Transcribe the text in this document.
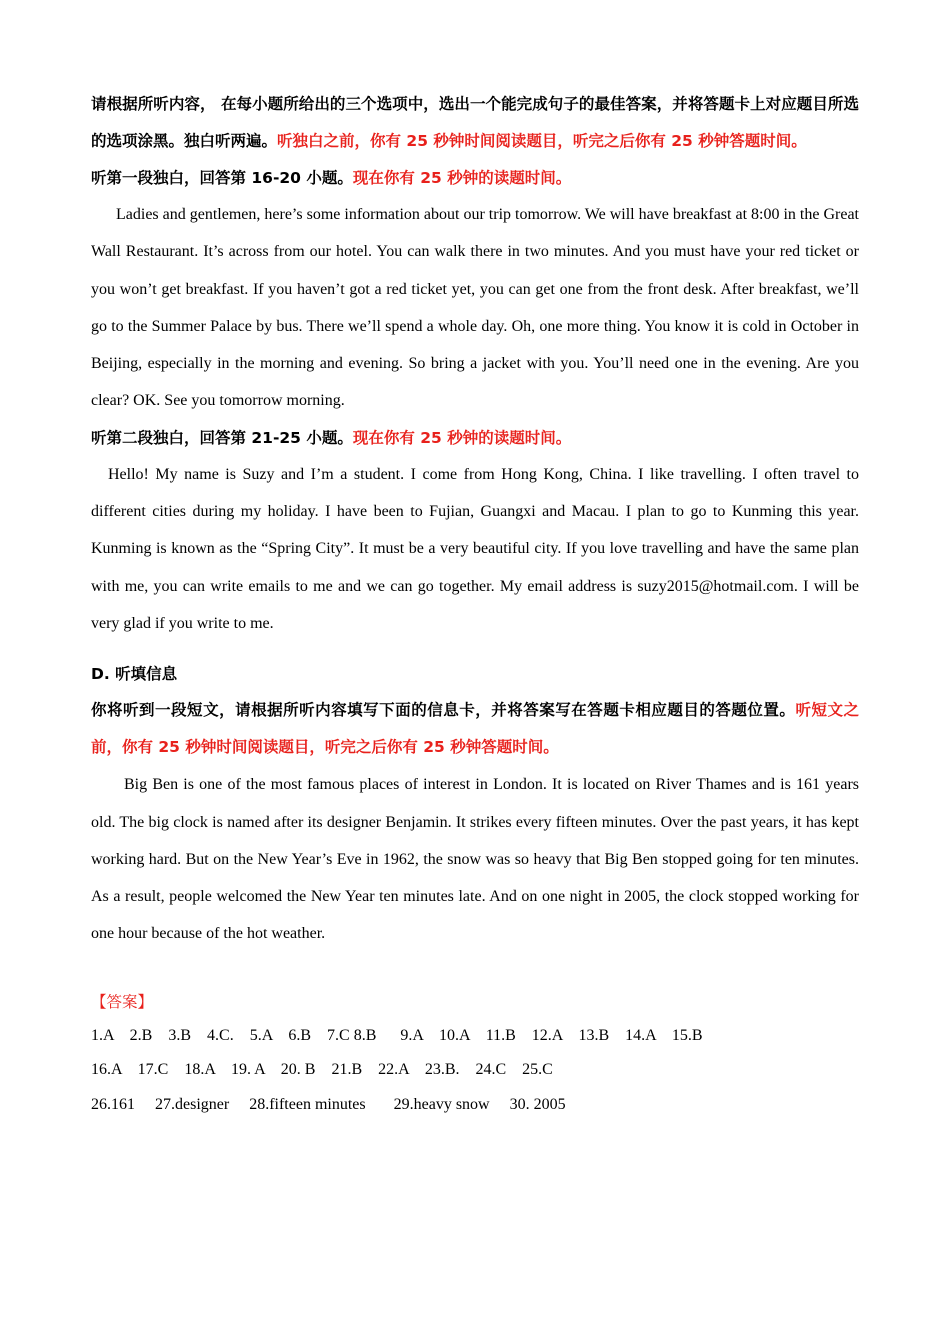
请根据所听内容， 在每小题所给出的三个选项中，选出一个能完成句子的最佳答案，并将答题卡上对应题目所选的选项涂黑。独白听两遍。听独白之前，你有 25 秒钟时间阅读题目，听完之后你有 25 秒钟答题时间。

听第一段独白，回答第 16-20 小题。现在你有 25 秒钟的读题时间。

Ladies and gentlemen, here’s some information about our trip tomorrow. We will have breakfast at 8:00 in the Great Wall Restaurant. It’s across from our hotel. You can walk there in two minutes. And you must have your red ticket or you won’t get breakfast. If you haven’t got a red ticket yet, you can get one from the front desk. After breakfast, we’ll go to the Summer Palace by bus. There we’ll spend a whole day. Oh, one more thing. You know it is cold in October in Beijing, especially in the morning and evening. So bring a jacket with you. You’ll need one in the evening. Are you clear? OK. See you tomorrow morning.

听第二段独白，回答第 21-25 小题。现在你有 25 秒钟的读题时间。

Hello! My name is Suzy and I’m a student. I come from Hong Kong, China. I like travelling. I often travel to different cities during my holiday. I have been to Fujian, Guangxi and Macau. I plan to go to Kunming this year. Kunming is known as the “Spring City”. It must be a very beautiful city. If you love travelling and have the same plan with me, you can write emails to me and we can go together. My email address is suzy2015@hotmail.com. I will be very glad if you write to me.

D. 听填信息

你将听到一段短文，请根据所听内容填写下面的信息卡，并将答案写在答题卡相应题目的答题位置。听短文之前，你有 25 秒钟时间阅读题目，听完之后你有 25 秒钟答题时间。

Big Ben is one of the most famous places of interest in London. It is located on River Thames and is 161 years old. The big clock is named after its designer Benjamin. It strikes every fifteen minutes. Over the past years, it has kept working hard. But on the New Year’s Eve in 1962, the snow was so heavy that Big Ben stopped going for ten minutes. As a result, people welcomed the New Year ten minutes late. And on one night in 2005, the clock stopped working for one hour because of the hot weather.

【答案】

1.A    2.B    3.B    4.C.    5.A    6.B    7.C 8.B      9.A    10.A    11.B    12.A    13.B    14.A    15.B

16.A    17.C    18.A    19. A    20. B    21.B    22.A    23.B.    24.C    25.C

26.161     27.designer     28.fifteen minutes       29.heavy snow     30. 2005
